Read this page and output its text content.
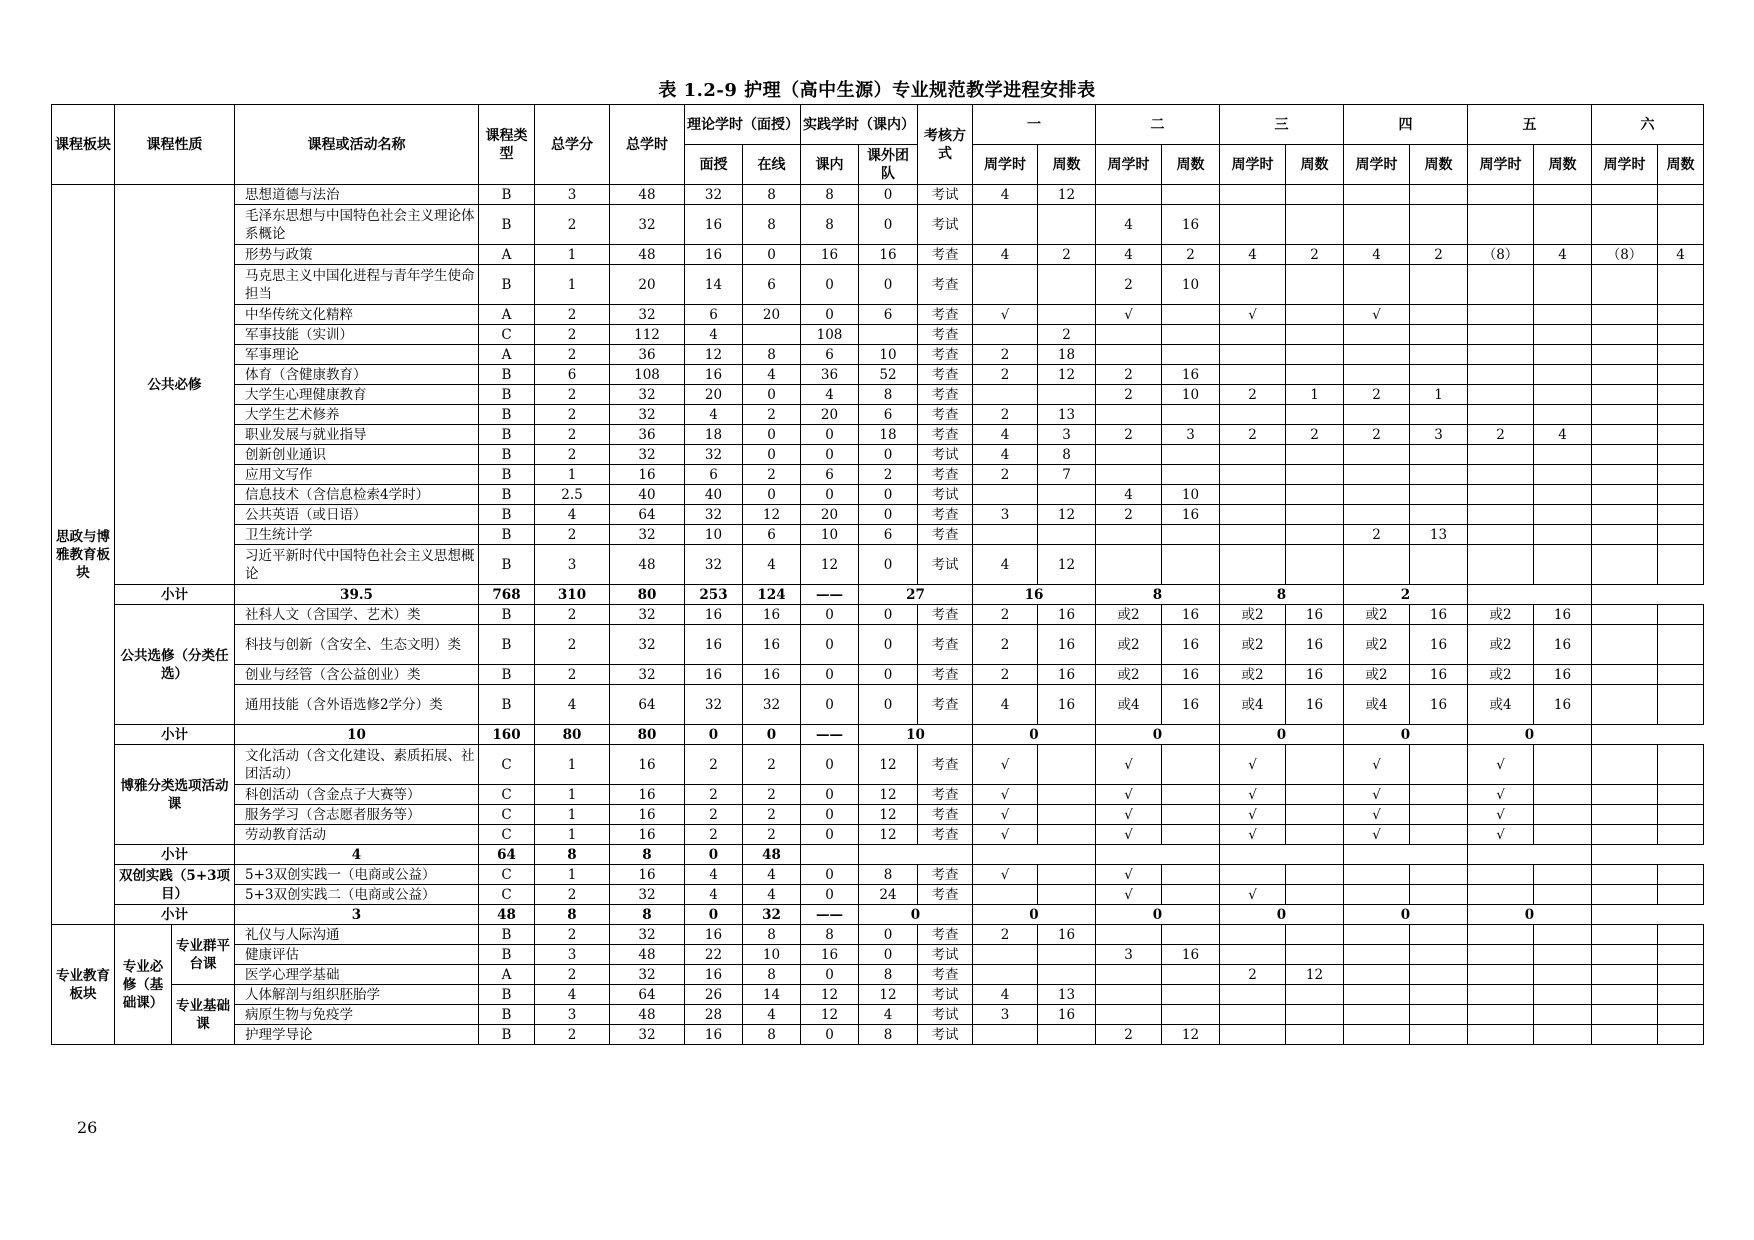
表 1.2-9 护理（高中生源）专业规范教学进程安排表
课程板块	课程性质		课程或活动名称	课程类型	总学分	总学时	理论学时（面授）		实践学时（课内）		考核方式	一		二		三		四		五		六	
							面授	在线	课内	课外团队		周学时	周数	周学时	周数	周学时	周数	周学时	周数	周学时	周数	周学时	周数
思政与博雅教育板块	公共必修		思想道德与法治	B	3	48	32	8	8	0	考试	4	12										
			毛泽东思想与中国特色社会主义理论体系概论	B	2	32	16	8	8	0	考试			4	16								
			形势与政策	A	1	48	16	0	16	16	考查	4	2	4	2	4	2	4	2	（8）	4	（8）	4
			马克思主义中国化进程与青年学生使命担当	B	1	20	14	6	0	0	考查			2	10								
			中华传统文化精粹	A	2	32	6	20	0	6	考查	√		√		√		√					
			军事技能（实训）	C	2	112	4		108		考查		2										
			军事理论	A	2	36	12	8	6	10	考查	2	18										
			体育（含健康教育）	B	6	108	16	4	36	52	考查	2	12	2	16								
			大学生心理健康教育	B	2	32	20	0	4	8	考查			2	10	2	1	2	1				
			大学生艺术修养	B	2	32	4	2	20	6	考查	2	13										
			职业发展与就业指导	B	2	36	18	0	0	18	考查	4	3	2	3	2	2	2	3	2	4		
			创新创业通识	B	2	32	32	0	0	0	考试	4	8										
			应用文写作	B	1	16	6	2	6	2	考查	2	7										
			信息技术（含信息检索4学时）	B	2.5	40	40	0	0	0	考试			4	10								
			公共英语（或日语）	B	4	64	32	12	20	0	考查	3	12	2	16								
			卫生统计学	B	2	32	10	6	10	6	考查							2	13				
			习近平新时代中国特色社会主义思想概论	B	3	48	32	4	12	0	考试	4	12										
	小计		39.5	768	310	80	253	124	——	27		16		8		8		2					
	公共选修（分类任选）		社科人文（含国学、艺术）类	B	2	32	16	16	0	0	考查	2	16	或2	16	或2	16	或2	16	或2	16		
			科技与创新（含安全、生态文明）类	B	2	32	16	16	0	0	考查	2	16	或2	16	或2	16	或2	16	或2	16		
			创业与经管（含公益创业）类	B	2	32	16	16	0	0	考查	2	16	或2	16	或2	16	或2	16	或2	16		
			通用技能（含外语选修2学分）类	B	4	64	32	32	0	0	考查	4	16	或4	16	或4	16	或4	16	或4	16		
	小计		10	160	80	80	0	0	——	10		0		0		0		0		0			
	博雅分类选项活动课		文化活动（含文化建设、素质拓展、社团活动）	C	1	16	2	2	0	12	考查	√		√		√		√		√			
			科创活动（含金点子大赛等）	C	1	16	2	2	0	12	考查	√		√		√		√		√			
			服务学习（含志愿者服务等）	C	1	16	2	2	0	12	考查	√		√		√		√		√			
			劳动教育活动	C	1	16	2	2	0	12	考查	√		√		√		√		√			
	小计		4	64	8	8	0	48															
	双创实践（5+3项目）		5+3双创实践一（电商或公益）	C	1	16	4	4	0	8	考查	√		√									
			5+3双创实践二（电商或公益）	C	2	32	4	4	0	24	考查			√		√							
	小计		3	48	8	8	0	32	——	0		0		0		0		0		0			
专业教育板块	专业必修（基础课）	专业群平台课	礼仪与人际沟通	B	2	32	16	8	8	0	考查	2	16										
			健康评估	B	3	48	22	10	16	0	考试			3	16								
			医学心理学基础	A	2	32	16	8	0	8	考查					2	12						
		专业基础课	人体解剖与组织胚胎学	B	4	64	26	14	12	12	考试	4	13										
			病原生物与免疫学	B	3	48	28	4	12	4	考试	3	16										
			护理学导论	B	2	32	16	8	0	8	考试			2	12								
26
